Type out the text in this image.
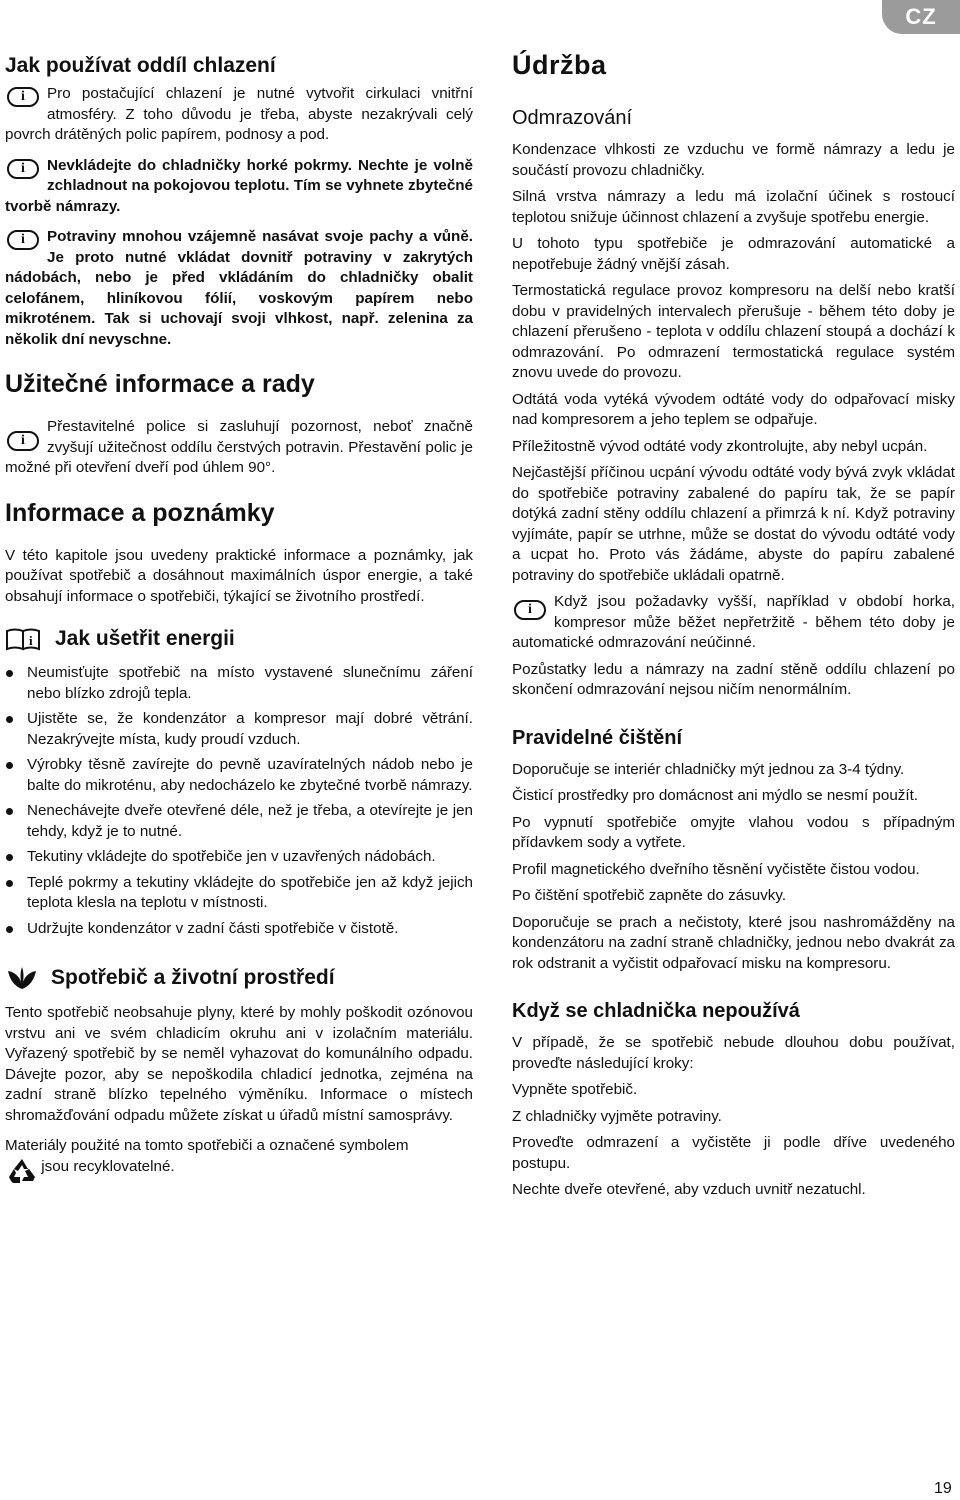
CZ
Jak používat oddíl chlazení

i Pro postačující chlazení je nutné vytvořit cirkulaci vnitřní atmosféry. Z toho důvodu je třeba, abyste nezakrývali celý povrch drátěných polic papírem, podnosy a pod.

i Nevkládejte do chladničky horké pokrmy. Nechte je volně zchladnout na pokojovou teplotu. Tím se vyhnete zbytečné tvorbě námrazy.

i Potraviny mnohou vzájemně nasávat svoje pachy a vůně. Je proto nutné vkládat dovnitř potraviny v zakrytých nádobách, nebo je před vkládáním do chladničky obalit celofánem, hliníkovou fólií, voskovým papírem nebo mikroténem. Tak si uchovají svoji vlhkost, např. zelenina za několik dní nevyschne.

Užitečné informace a rady

i
Přestavitelné police si zasluhují pozornost, neboť značně zvyšují užitečnost oddílu čerstvých potravin. Přestavění polic je možné při otevření dveří pod úhlem 90°.

Informace a poznámky

V této kapitole jsou uvedeny praktické informace a poznámky, jak používat spotřebič a dosáhnout maximálních úspor energie, a také obsahují informace o spotřebiči, týkající se životního prostředí.

i Jak ušetřit energii
Neumisťujte spotřebič na místo vystavené slunečnímu záření nebo blízko zdrojů tepla.
Ujistěte se, že kondenzátor a kompresor mají dobré větrání. Nezakrývejte místa, kudy proudí vzduch.
Výrobky těsně zavírejte do pevně uzavíratelných nádob nebo je balte do mikroténu, aby nedocházelo ke zbytečné tvorbě námrazy.
Nenechávejte dveře otevřené déle, než je třeba, a otevírejte je jen tehdy, když je to nutné.
Tekutiny vkládejte do spotřebiče jen v uzavřených nádobách.
Teplé pokrmy a tekutiny vkládejte do spotřebiče jen až když jejich teplota klesla na teplotu v místnosti.
Udržujte kondenzátor v zadní části spotřebiče v čistotě.
Spotřebič a životní prostředí

Tento spotřebič neobsahuje plyny, které by mohly poškodit ozónovou vrstvu ani ve svém chladicím okruhu ani v izolačním materiálu. Vyřazený spotřebič by se neměl vyhazovat do komunálního odpadu. Dávejte pozor, aby se nepoškodila chladicí jednotka, zejména na zadní straně blízko tepelného výměníku. Informace o místech shromažďování odpadu můžete získat u úřadů místní samosprávy.

Materiály použité na tomto spotřebiči a označené symbolem

jsou recyklovatelné.

Údržba
Odmrazování

Kondenzace vlhkosti ze vzduchu ve formě námrazy a ledu je součástí provozu chladničky.

Silná vrstva námrazy a ledu má izolační účinek s rostoucí teplotou snižuje účinnost chlazení a zvyšuje spotřebu energie.

U tohoto typu spotřebiče je odmrazování automatické a nepotřebuje žádný vnější zásah.

Termostatická regulace provoz kompresoru na delší nebo kratší dobu v pravidelných intervalech přerušuje - během této doby je chlazení přerušeno - teplota v oddílu chlazení stoupá a dochází k odmrazování. Po odmrazení termostatická regulace systém znovu uvede do provozu.

Odtátá voda vytéká vývodem odtáté vody do odpařovací misky nad kompresorem a jeho teplem se odpařuje.

Příležitostně vývod odtáté vody zkontrolujte, aby nebyl ucpán.

Nejčastější příčinou ucpání vývodu odtáté vody bývá zvyk vkládat do spotřebiče potraviny zabalené do papíru tak, že se papír dotýká zadní stěny oddílu chlazení a přimrzá k ní. Když potraviny vyjímáte, papír se utrhne, může se dostat do vývodu odtáté vody a ucpat ho. Proto vás žádáme, abyste do papíru zabalené potraviny do spotřebiče ukládali opatrně.

i Když jsou požadavky vyšší, například v období horka, kompresor může běžet nepřetržitě - během této doby je automatické odmrazování neúčinné.

Pozůstatky ledu a námrazy na zadní stěně oddílu chlazení po skončení odmrazování nejsou ničím nenormálním.

Pravidelné čištění

Doporučuje se interiér chladničky mýt jednou za 3-4 týdny.

Čisticí prostředky pro domácnost ani mýdlo se nesmí použít.

Po vypnutí spotřebiče omyjte vlahou vodou s případným přídavkem sody a vytřete.

Profil magnetického dveřního těsnění vyčistěte čistou vodou.

Po čištění spotřebič zapněte do zásuvky.

Doporučuje se prach a nečistoty, které jsou nashromážděny na kondenzátoru na zadní straně chladničky, jednou nebo dvakrát za rok odstranit a vyčistit odpařovací misku na kompresoru.

Když se chladnička nepoužívá

V případě, že se spotřebič nebude dlouhou dobu používat, proveďte následující kroky:

Vypněte spotřebič.

Z chladničky vyjměte potraviny.

Proveďte odmrazení a vyčistěte ji podle dříve uvedeného postupu.

Nechte dveře otevřené, aby vzduch uvnitř nezatuchl.

19
